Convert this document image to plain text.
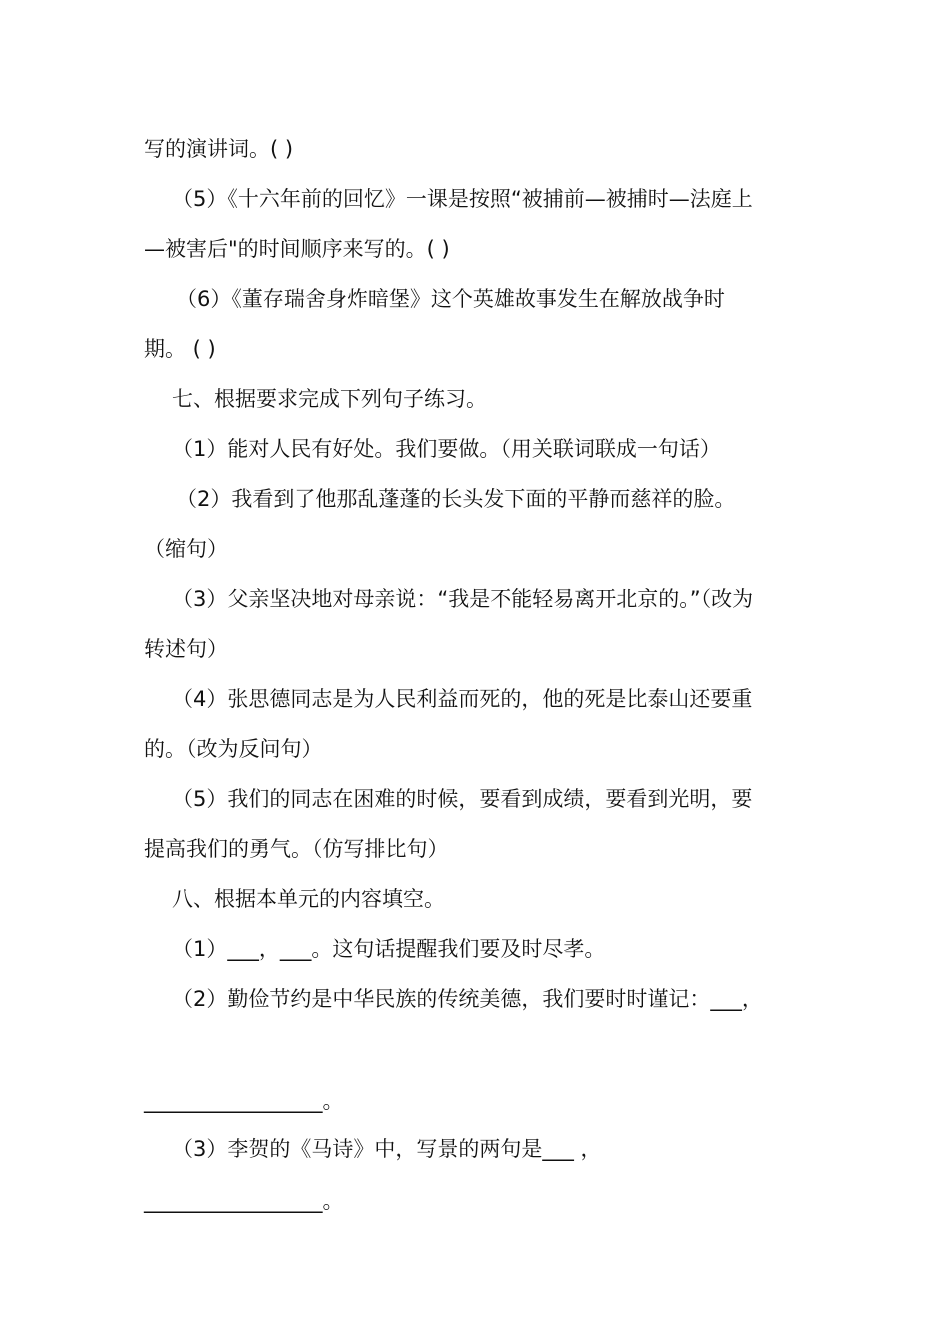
写的演讲词。( )

（5）《十六年前的回忆》一课是按照“被捕前—被捕时—法庭上

—被害后"的时间顺序来写的。( )

（6）《董存瑞舍身炸暗堡》这个英雄故事发生在解放战争时

期。 ( )

七、根据要求完成下列句子练习。

（1）能对人民有好处。我们要做。（用关联词联成一句话）

（2）我看到了他那乱蓬蓬的长头发下面的平静而慈祥的脸。

（缩句）

（3）父亲坚决地对母亲说：“我是不能轻易离开北京的。”（改为

转述句）

（4）张思德同志是为人民利益而死的，他的死是比泰山还要重

的。（改为反问句）

（5）我们的同志在困难的时候，要看到成绩，要看到光明，要

提高我们的勇气。（仿写排比句）

八、根据本单元的内容填空。

（1）___，___。这句话提醒我们要及时尽孝。

（2）勤俭节约是中华民族的传统美德，我们要时时谨记：___，

_________________。

（3）李贺的《马诗》中，写景的两句是___ ，

_________________。
